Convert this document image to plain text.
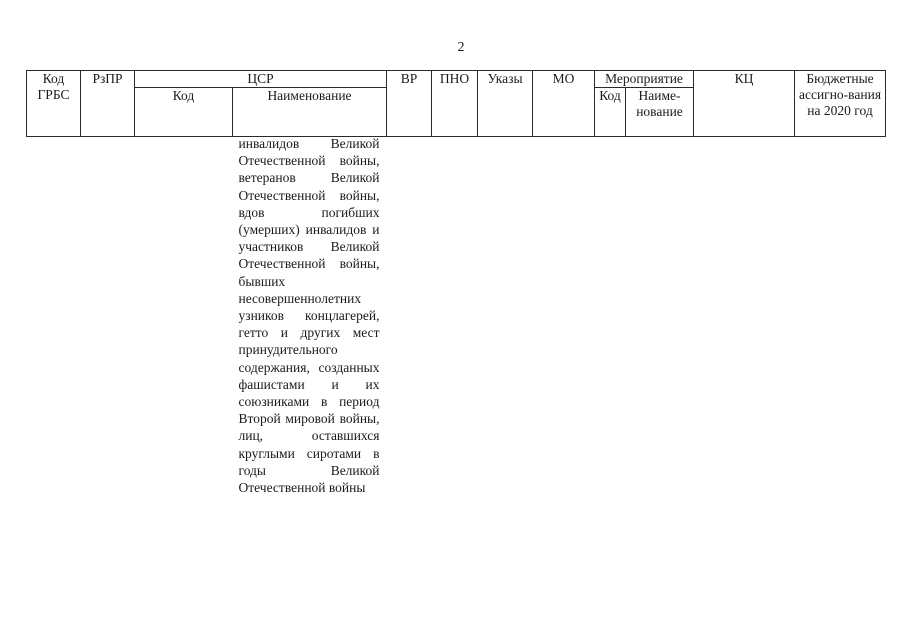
2
Код ГРБС	РзПР	ЦСР		ВР	ПНО	Указы	МО	Мероприятие		КЦ	Бюджетные ассигно-вания на 2020 год
		Код	Наименование					Код	Наиме-нование		

			инвалидов Великой Отечественной войны, ветеранов Великой Отечественной войны, вдов погибших (умерших) инвалидов и участников Великой Отечественной войны, бывших несовершеннолетних узников концлагерей, гетто и других мест принудительного содержания, созданных фашистами и их союзниками в период Второй мировой войны, лиц, оставшихся круглыми сиротами в годы Великой Отечественной войны								
